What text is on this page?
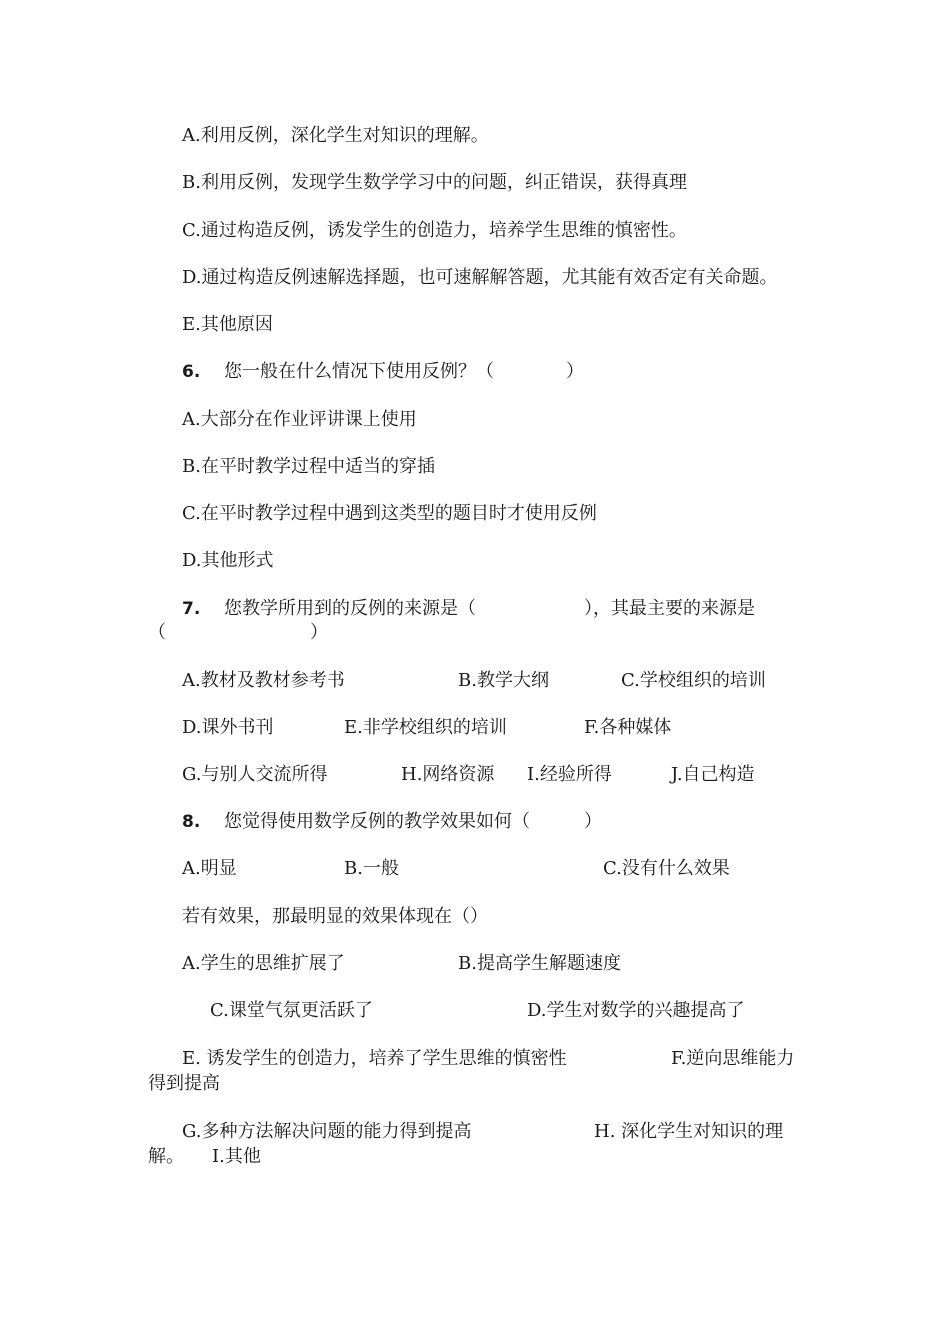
A.利用反例，深化学生对知识的理解。
B.利用反例，发现学生数学学习中的问题，纠正错误，获得真理
C.通过构造反例，诱发学生的创造力，培养学生思维的慎密性。
D.通过构造反例速解选择题，也可速解解答题，尤其能有效否定有关命题。
E.其他原因
6. 您一般在什么情况下使用反例？（　　　　）
A.大部分在作业评讲课上使用
B.在平时教学过程中适当的穿插
C.在平时教学过程中遇到这类型的题目时才使用反例
D.其他形式
7. 您教学所用到的反例的来源是（　　　　　　），其最主要的来源是
（　　　　　　　　）
A.教材及教材参考书	B.教学大纲	C.学校组织的培训
D.课外书刊	E.非学校组织的培训	F.各种媒体
G.与别人交流所得	H.网络资源 I.经验所得	J.自己构造
8. 您觉得使用数学反例的教学效果如何（　　　）
A.明显	B.一般	C.没有什么效果
若有效果，那最明显的效果体现在（）
A.学生的思维扩展了	B.提高学生解题速度
C.课堂气氛更活跃了	D.学生对数学的兴趣提高了
E. 诱发学生的创造力，培养了学生思维的慎密性	F.逆向思维能力
得到提高
G.多种方法解决问题的能力得到提高	H. 深化学生对知识的理
解。 I.其他
